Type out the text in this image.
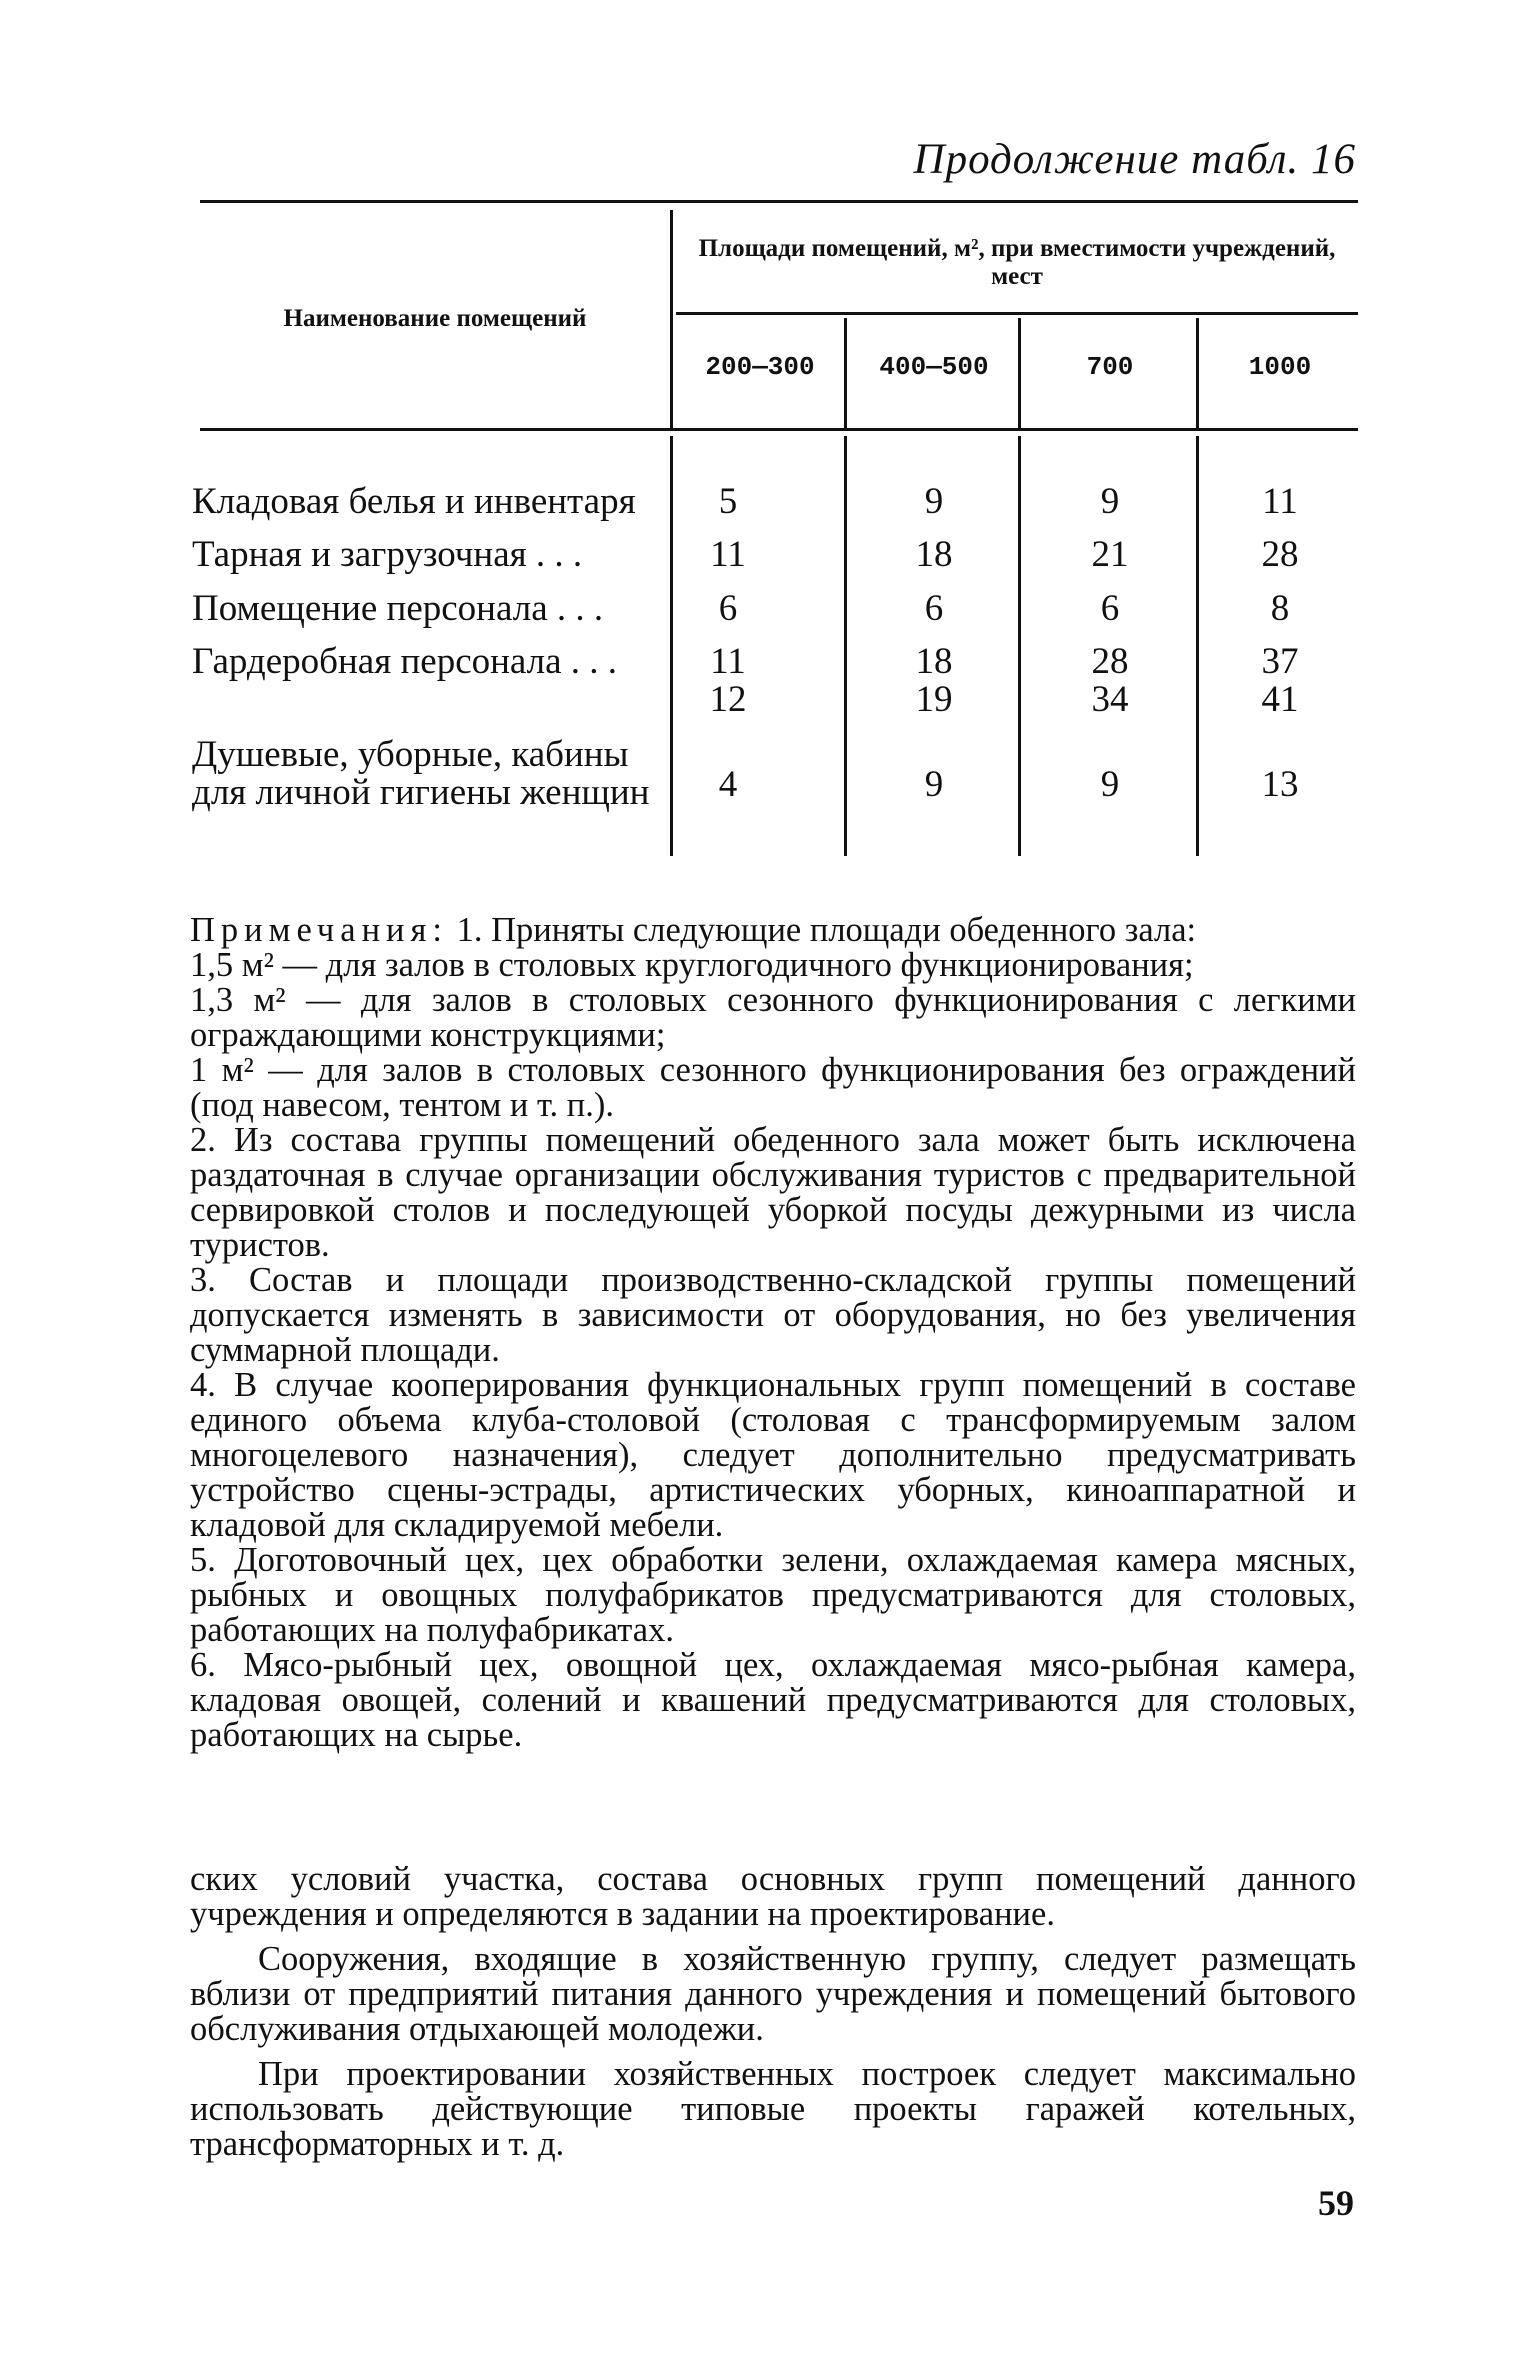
Продолжение табл. 16
Наименование помещений
Площади помещений, м², при вместимости учреждений, мест
200—300	400—500	700	1000
Кладовая белья и инвентаря	5	9	9	11
Тарная и загрузочная . . .	11	18	21	28
Помещение персонала . . .	6	6	6	8
Гардеробная персонала . . .	11	18	28	37
12	19	34	41
Душевые, уборные, кабины
для личной гигиены женщин	4	9	9	13

Примечания: 1. Приняты следующие площади обеденного зала:

1,5 м² — для залов в столовых круглогодичного функционирования;

1,3 м² — для залов в столовых сезонного функционирования с легкими ограждающими конструкциями;

1 м² — для залов в столовых сезонного функционирования без ограждений (под навесом, тентом и т. п.).

2. Из состава группы помещений обеденного зала может быть исключена раздаточная в случае организации обслуживания туристов с предварительной сервировкой столов и последующей уборкой посуды дежурными из числа туристов.

3. Состав и площади производственно-складской группы помещений допускается изменять в зависимости от оборудования, но без увеличения суммарной площади.

4. В случае кооперирования функциональных групп помещений в составе единого объема клуба-столовой (столовая с трансформируемым залом многоцелевого назначения), следует дополнительно предусматривать устройство сцены-эстрады, артистических уборных, киноаппаратной и кладовой для складируемой мебели.

5. Доготовочный цех, цех обработки зелени, охлаждаемая камера мясных, рыбных и овощных полуфабрикатов предусматриваются для столовых, работающих на полуфабрикатах.

6. Мясо-рыбный цех, овощной цех, охлаждаемая мясо-рыбная камера, кладовая овощей, солений и квашений предусматриваются для столовых, работающих на сырье.

ских условий участка, состава основных групп помещений данного учреждения и определяются в задании на проектирование.

Сооружения, входящие в хозяйственную группу, следует размещать вблизи от предприятий питания данного учреждения и помещений бытового обслуживания отдыхающей молодежи.

При проектировании хозяйственных построек следует максимально использовать действующие типовые проекты гаражей котельных, трансформаторных и т. д.

59
